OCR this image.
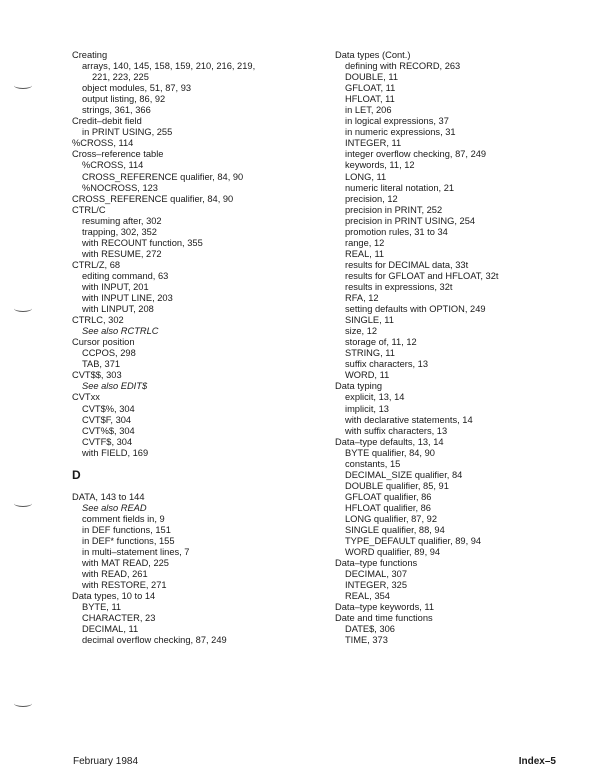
Creating
arrays, 140, 145, 158, 159, 210, 216, 219,
221, 223, 225
object modules, 51, 87, 93
output listing, 86, 92
strings, 361, 366
Credit–debit field
in PRINT USING, 255
%CROSS, 114
Cross–reference table
%CROSS, 114
CROSS_REFERENCE qualifier, 84, 90
%NOCROSS, 123
CROSS_REFERENCE qualifier, 84, 90
CTRL/C
resuming after, 302
trapping, 302, 352
with RECOUNT function, 355
with RESUME, 272
CTRL/Z, 68
editing command, 63
with INPUT, 201
with INPUT LINE, 203
with LINPUT, 208
CTRLC, 302
See also RCTRLC
Cursor position
CCPOS, 298
TAB, 371
CVT$$, 303
See also EDIT$
CVTxx
CVT$%, 304
CVT$F, 304
CVT%$, 304
CVTF$, 304
with FIELD, 169
D
DATA, 143 to 144
See also READ
comment fields in, 9
in DEF functions, 151
in DEF* functions, 155
in multi–statement lines, 7
with MAT READ, 225
with READ, 261
with RESTORE, 271
Data types, 10 to 14
BYTE, 11
CHARACTER, 23
DECIMAL, 11
decimal overflow checking, 87, 249
Data types (Cont.)
defining with RECORD, 263
DOUBLE, 11
GFLOAT, 11
HFLOAT, 11
in LET, 206
in logical expressions, 37
in numeric expressions, 31
INTEGER, 11
integer overflow checking, 87, 249
keywords, 11, 12
LONG, 11
numeric literal notation, 21
precision, 12
precision in PRINT, 252
precision in PRINT USING, 254
promotion rules, 31 to 34
range, 12
REAL, 11
results for DECIMAL data, 33t
results for GFLOAT and HFLOAT, 32t
results in expressions, 32t
RFA, 12
setting defaults with OPTION, 249
SINGLE, 11
size, 12
storage of, 11, 12
STRING, 11
suffix characters, 13
WORD, 11
Data typing
explicit, 13, 14
implicit, 13
with declarative statements, 14
with suffix characters, 13
Data–type defaults, 13, 14
BYTE qualifier, 84, 90
constants, 15
DECIMAL_SIZE qualifier, 84
DOUBLE qualifier, 85, 91
GFLOAT qualifier, 86
HFLOAT qualifier, 86
LONG qualifier, 87, 92
SINGLE qualifier, 88, 94
TYPE_DEFAULT qualifier, 89, 94
WORD qualifier, 89, 94
Data–type functions
DECIMAL, 307
INTEGER, 325
REAL, 354
Data–type keywords, 11
Date and time functions
DATE$, 306
TIME, 373
February 1984	Index–5
